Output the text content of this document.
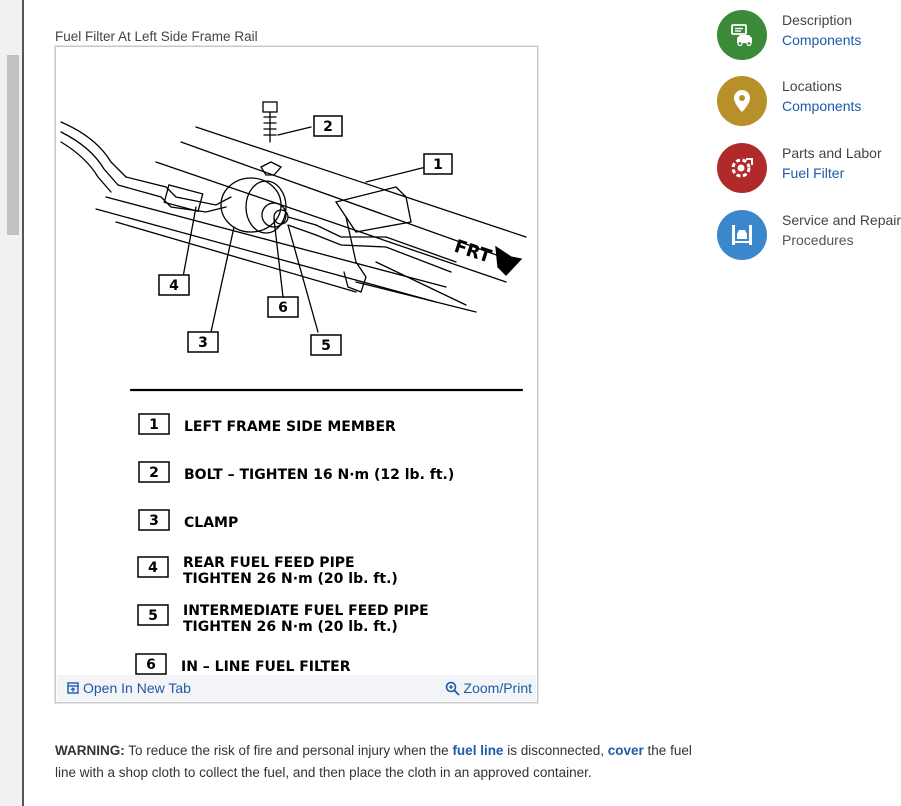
Fuel Filter At Left Side Frame Rail
1
2
3
4
5
6
FRT
1 LEFT FRAME SIDE MEMBER
2 BOLT – TIGHTEN 16 N·m (12 lb. ft.)
3 CLAMP
4 REAR FUEL FEED PIPE
TIGHTEN 26 N·m (20 lb. ft.)
5 INTERMEDIATE FUEL FEED PIPE
TIGHTEN 26 N·m (20 lb. ft.)
6 IN – LINE FUEL FILTER
Open In New Tab	Zoom/Print
WARNING: To reduce the risk of fire and personal injury when the fuel line is disconnected, cover the fuel line with a shop cloth to collect the fuel, and then place the cloth in an approved container.
Description
Components
Locations
Components
Parts and Labor
Fuel Filter
Service and Repair
Procedures
